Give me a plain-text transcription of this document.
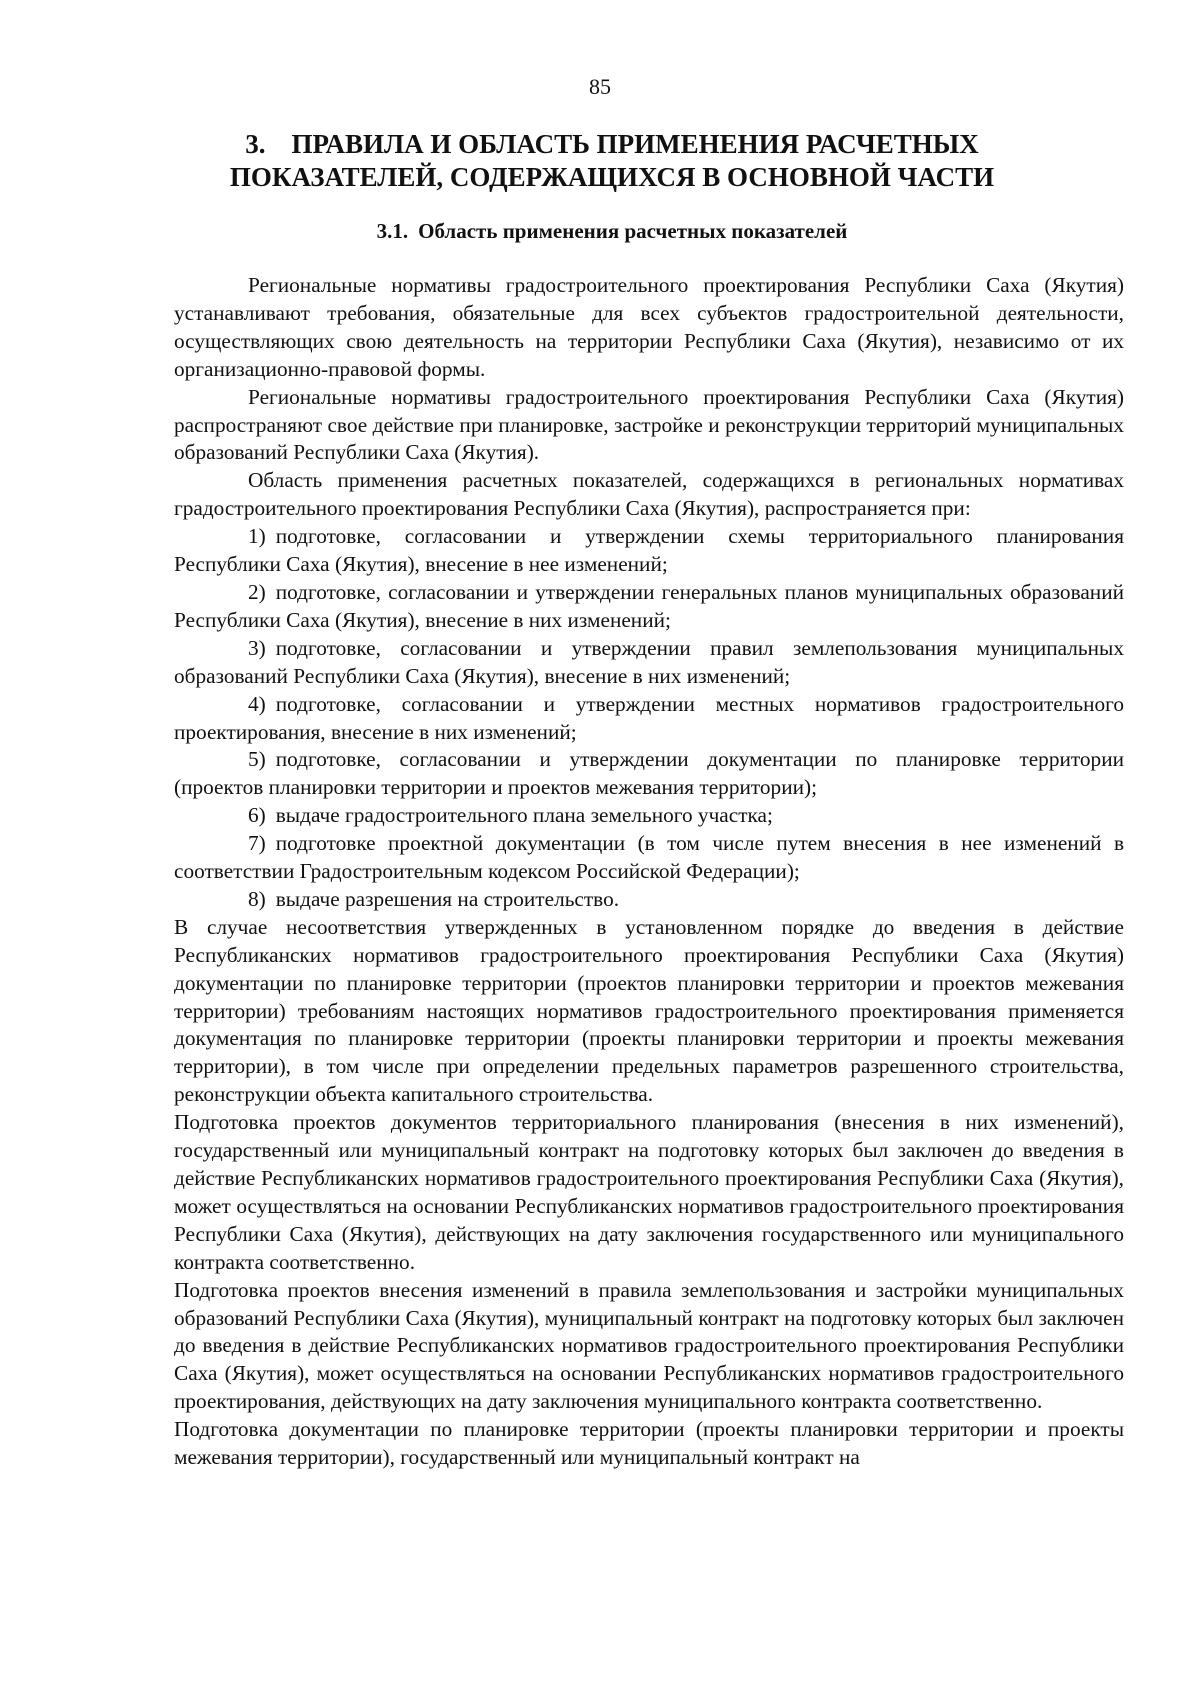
85
3. ПРАВИЛА И ОБЛАСТЬ ПРИМЕНЕНИЯ РАСЧЕТНЫХ
ПОКАЗАТЕЛЕЙ, СОДЕРЖАЩИХСЯ В ОСНОВНОЙ ЧАСТИ
3.1. Область применения расчетных показателей

Региональные нормативы градостроительного проектирования Республики Саха (Якутия) устанавливают требования, обязательные для всех субъектов градостроительной деятельности, осуществляющих свою деятельность на территории Республики Саха (Якутия), независимо от их организационно-правовой формы.

Региональные нормативы градостроительного проектирования Республики Саха (Якутия) распространяют свое действие при планировке, застройке и реконструкции территорий муниципальных образований Республики Саха (Якутия).

Область применения расчетных показателей, содержащихся в региональных нормативах градостроительного проектирования Республики Саха (Якутия), распространяется при:

1) подготовке, согласовании и утверждении схемы территориального планирования Республики Саха (Якутия), внесение в нее изменений;

2) подготовке, согласовании и утверждении генеральных планов муниципальных образований Республики Саха (Якутия), внесение в них изменений;

3) подготовке, согласовании и утверждении правил землепользования муниципальных образований Республики Саха (Якутия), внесение в них изменений;

4) подготовке, согласовании и утверждении местных нормативов градостроительного проектирования, внесение в них изменений;

5) подготовке, согласовании и утверждении документации по планировке территории (проектов планировки территории и проектов межевания территории);

6) выдаче градостроительного плана земельного участка;

7) подготовке проектной документации (в том числе путем внесения в нее изменений в соответствии Градостроительным кодексом Российской Федерации);

8) выдаче разрешения на строительство.

В случае несоответствия утвержденных в установленном порядке до введения в действие Республиканских нормативов градостроительного проектирования Республики Саха (Якутия) документации по планировке территории (проектов планировки территории и проектов межевания территории) требованиям настоящих нормативов градостроительного проектирования применяется документация по планировке территории (проекты планировки территории и проекты межевания территории), в том числе при определении предельных параметров разрешенного строительства, реконструкции объекта капитального строительства.

Подготовка проектов документов территориального планирования (внесения в них изменений), государственный или муниципальный контракт на подготовку которых был заключен до введения в действие Республиканских нормативов градостроительного проектирования Республики Саха (Якутия), может осуществляться на основании Республиканских нормативов градостроительного проектирования Республики Саха (Якутия), действующих на дату заключения государственного или муниципального контракта соответственно.

Подготовка проектов внесения изменений в правила землепользования и застройки муниципальных образований Республики Саха (Якутия), муниципальный контракт на подготовку которых был заключен до введения в действие Республиканских нормативов градостроительного проектирования Республики Саха (Якутия), может осуществляться на основании Республиканских нормативов градостроительного проектирования, действующих на дату заключения муниципального контракта соответственно.

Подготовка документации по планировке территории (проекты планировки территории и проекты межевания территории), государственный или муниципальный контракт на
